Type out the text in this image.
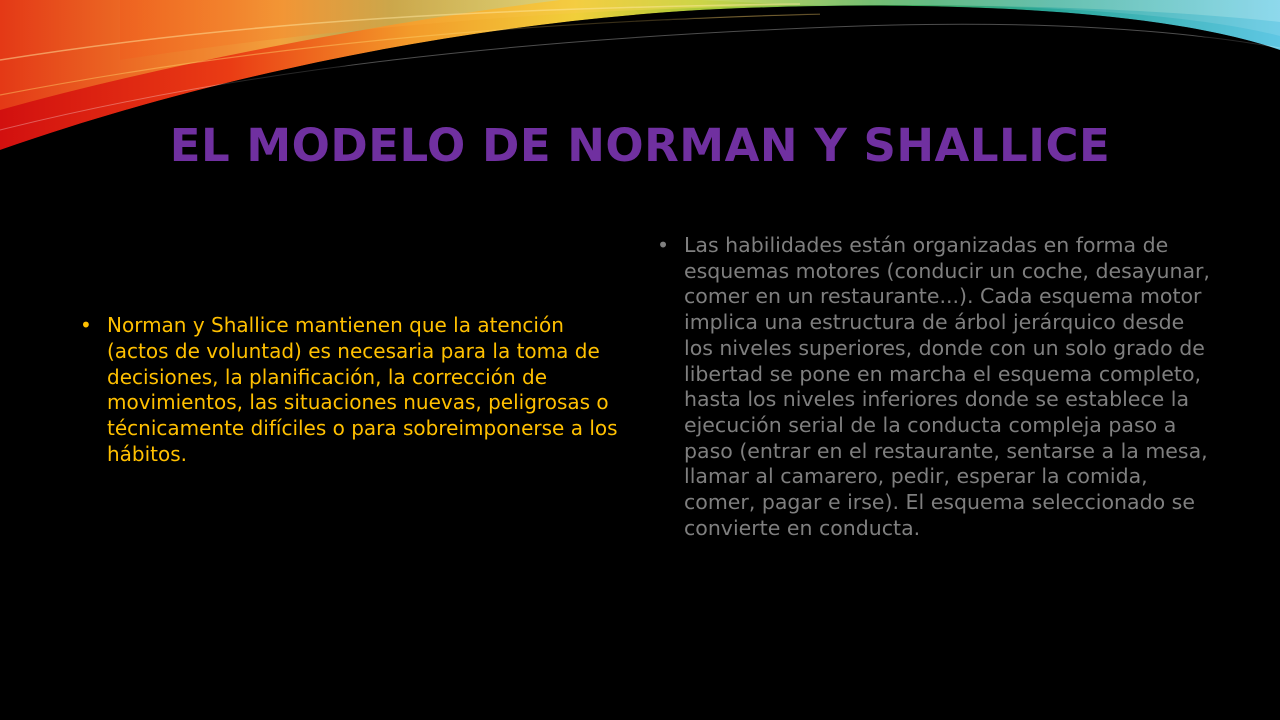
EL MODELO DE NORMAN Y SHALLICE
• Norman y Shallice mantienen que la atención (actos de voluntad) es necesaria para la toma de decisiones, la planificación, la corrección de movimientos, las situaciones nuevas, peligrosas o técnicamente difíciles o para sobreimponerse a los hábitos.
• Las habilidades están organizadas en forma de esquemas motores (conducir un coche, desayunar, comer en un restaurante...). Cada esquema motor implica una estructura de árbol jerárquico desde los niveles superiores, donde con un solo grado de libertad se pone en marcha el esquema completo, hasta los niveles inferiores donde se establece la ejecución serial de la conducta compleja paso a paso (entrar en el restaurante, sentarse a la mesa, llamar al camarero, pedir, esperar la comida, comer, pagar e irse). El esquema seleccionado se convierte en conducta.
